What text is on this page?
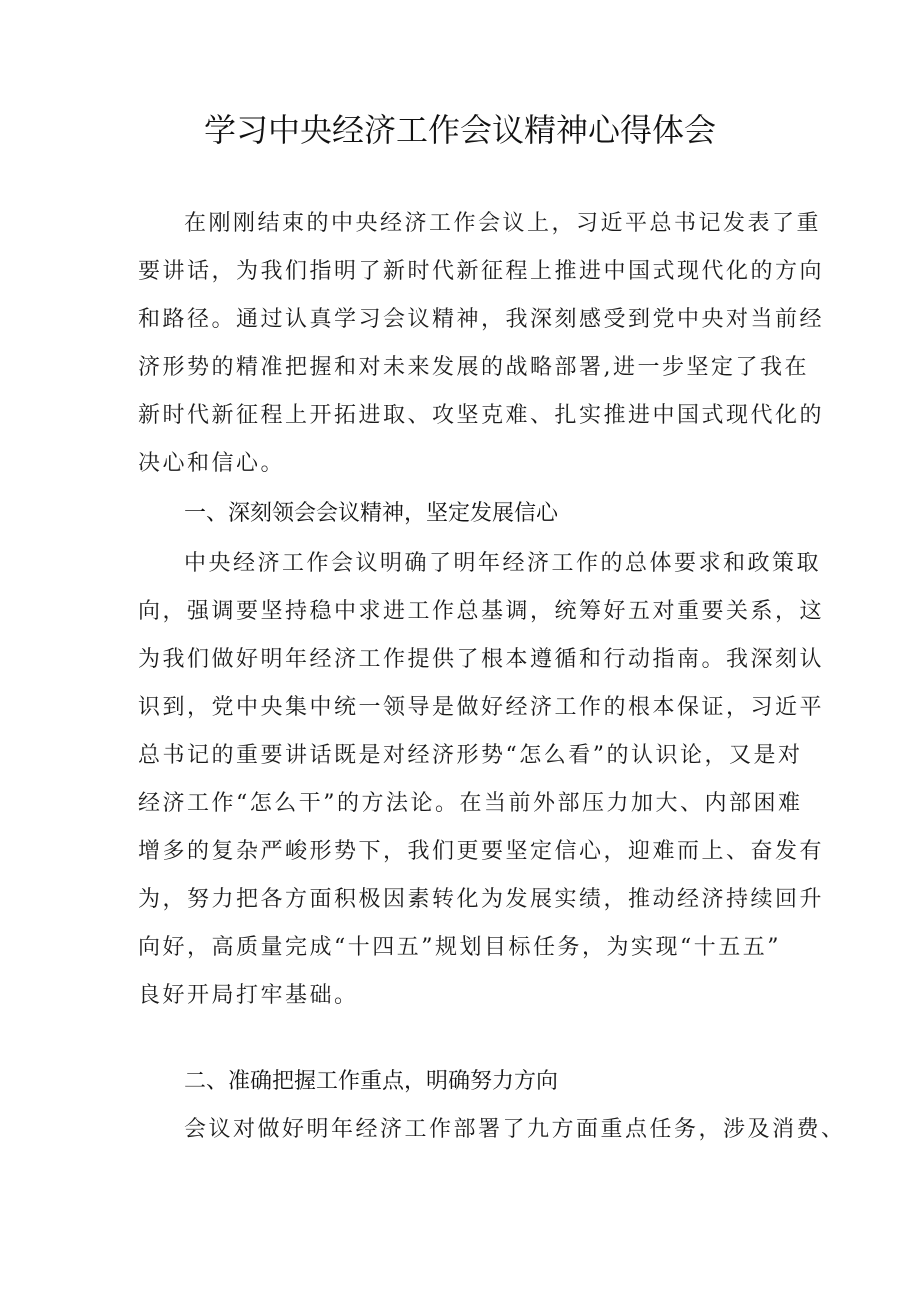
学习中央经济工作会议精神心得体会

在刚刚结束的中央经济工作会议上，习近平总书记发表了重

要讲话，为我们指明了新时代新征程上推进中国式现代化的方向

和路径。通过认真学习会议精神，我深刻感受到党中央对当前经

济形势的精准把握和对未来发展的战略部署,进一步坚定了我在

新时代新征程上开拓进取、攻坚克难、扎实推进中国式现代化的

决心和信心。

一、深刻领会会议精神，坚定发展信心

中央经济工作会议明确了明年经济工作的总体要求和政策取

向，强调要坚持稳中求进工作总基调，统筹好五对重要关系，这

为我们做好明年经济工作提供了根本遵循和行动指南。我深刻认

识到，党中央集中统一领导是做好经济工作的根本保证，习近平

总书记的重要讲话既是对经济形势“怎么看”的认识论，又是对

经济工作“怎么干”的方法论。在当前外部压力加大、内部困难

增多的复杂严峻形势下，我们更要坚定信心，迎难而上、奋发有

为，努力把各方面积极因素转化为发展实绩，推动经济持续回升

向好，高质量完成“十四五”规划目标任务，为实现“十五五”

良好开局打牢基础。

二、准确把握工作重点，明确努力方向

会议对做好明年经济工作部署了九方面重点任务，涉及消费、
